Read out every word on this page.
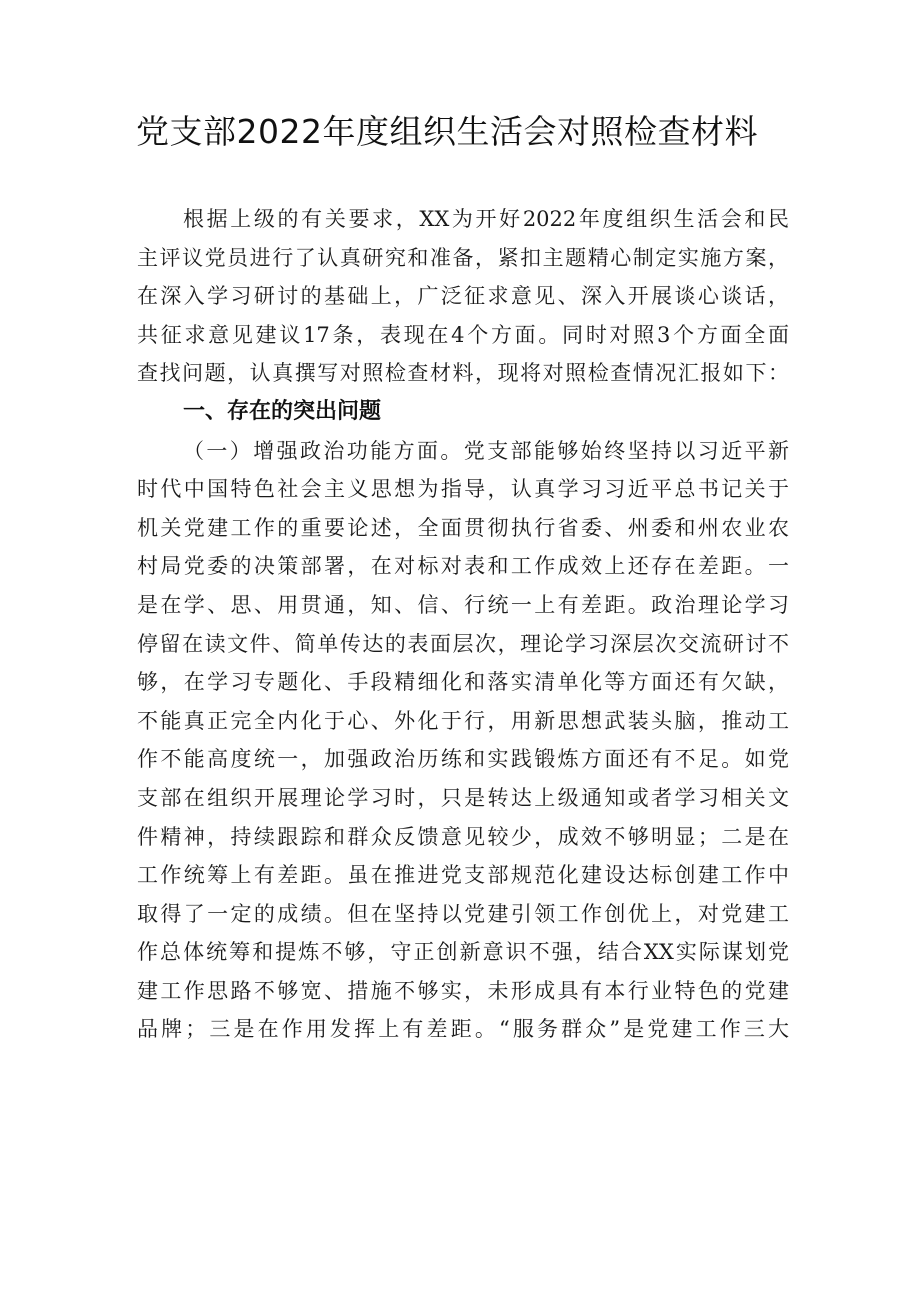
党支部2022年度组织生活会对照检查材料
根据上级的有关要求，XX为开好2022年度组织生活会和民
主评议党员进行了认真研究和准备，紧扣主题精心制定实施方案，
在深入学习研讨的基础上，广泛征求意见、深入开展谈心谈话，
共征求意见建议17条，表现在4个方面。同时对照3个方面全面
查找问题，认真撰写对照检查材料，现将对照检查情况汇报如下：
一、存在的突出问题
（一）增强政治功能方面。党支部能够始终坚持以习近平新
时代中国特色社会主义思想为指导，认真学习习近平总书记关于
机关党建工作的重要论述，全面贯彻执行省委、州委和州农业农
村局党委的决策部署，在对标对表和工作成效上还存在差距。一
是在学、思、用贯通，知、信、行统一上有差距。政治理论学习
停留在读文件、简单传达的表面层次，理论学习深层次交流研讨不
够，在学习专题化、手段精细化和落实清单化等方面还有欠缺，
不能真正完全内化于心、外化于行，用新思想武装头脑，推动工
作不能高度统一，加强政治历练和实践锻炼方面还有不足。如党
支部在组织开展理论学习时，只是转达上级通知或者学习相关文
件精神，持续跟踪和群众反馈意见较少，成效不够明显；二是在
工作统筹上有差距。虽在推进党支部规范化建设达标创建工作中
取得了一定的成绩。但在坚持以党建引领工作创优上，对党建工
作总体统筹和提炼不够，守正创新意识不强，结合XX实际谋划党
建工作思路不够宽、措施不够实，未形成具有本行业特色的党建
品牌；三是在作用发挥上有差距。“服务群众”是党建工作三大
